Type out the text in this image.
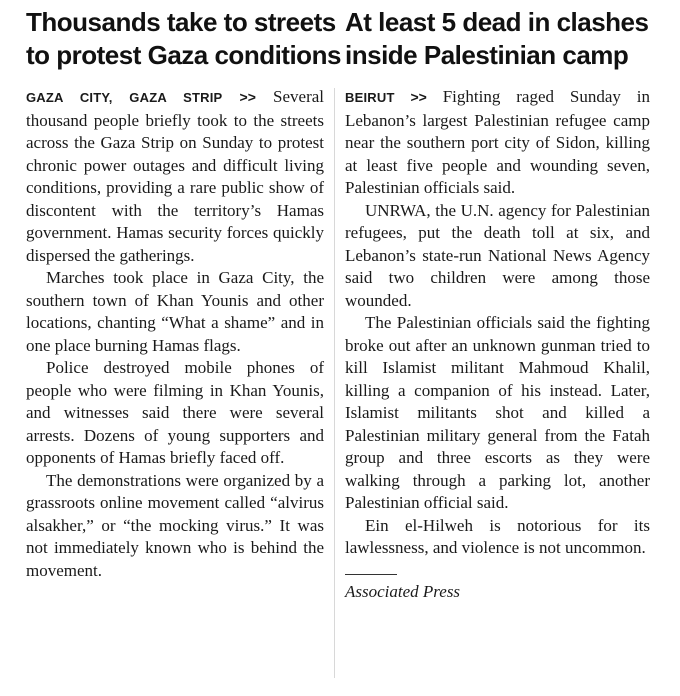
Thousands take to streets
to protest Gaza conditions

GAZA CITY, GAZA STRIP >> Several thousand people briefly took to the streets across the Gaza Strip on Sunday to protest chronic power outages and difficult living conditions, providing a rare public show of discontent with the territory’s Hamas government. Hamas security forces quickly dispersed the gatherings.

Marches took place in Gaza City, the southern town of Khan Younis and other locations, chanting “What a shame” and in one place burning Hamas flags.

Police destroyed mobile phones of people who were filming in Khan Younis, and witnesses said there were several arrests. Dozens of young supporters and opponents of Hamas briefly faced off.

The demonstrations were organized by a grassroots online movement called “alvirus alsakher,” or “the mocking virus.” It was not immediately known who is behind the movement.

At least 5 dead in clashes
inside Palestinian camp

BEIRUT >> Fighting raged Sunday in Lebanon’s largest Palestinian refugee camp near the southern port city of Sidon, killing at least five people and wounding seven, Palestinian officials said.

UNRWA, the U.N. agency for Palestinian refugees, put the death toll at six, and Lebanon’s state-run National News Agency said two children were among those wounded.

The Palestinian officials said the fighting broke out after an unknown gunman tried to kill Islamist militant Mahmoud Khalil, killing a companion of his instead. Later, Islamist militants shot and killed a Palestinian military general from the Fatah group and three escorts as they were walking through a parking lot, another Palestinian official said.

Ein el-Hilweh is notorious for its lawlessness, and violence is not uncommon.

Associated Press
